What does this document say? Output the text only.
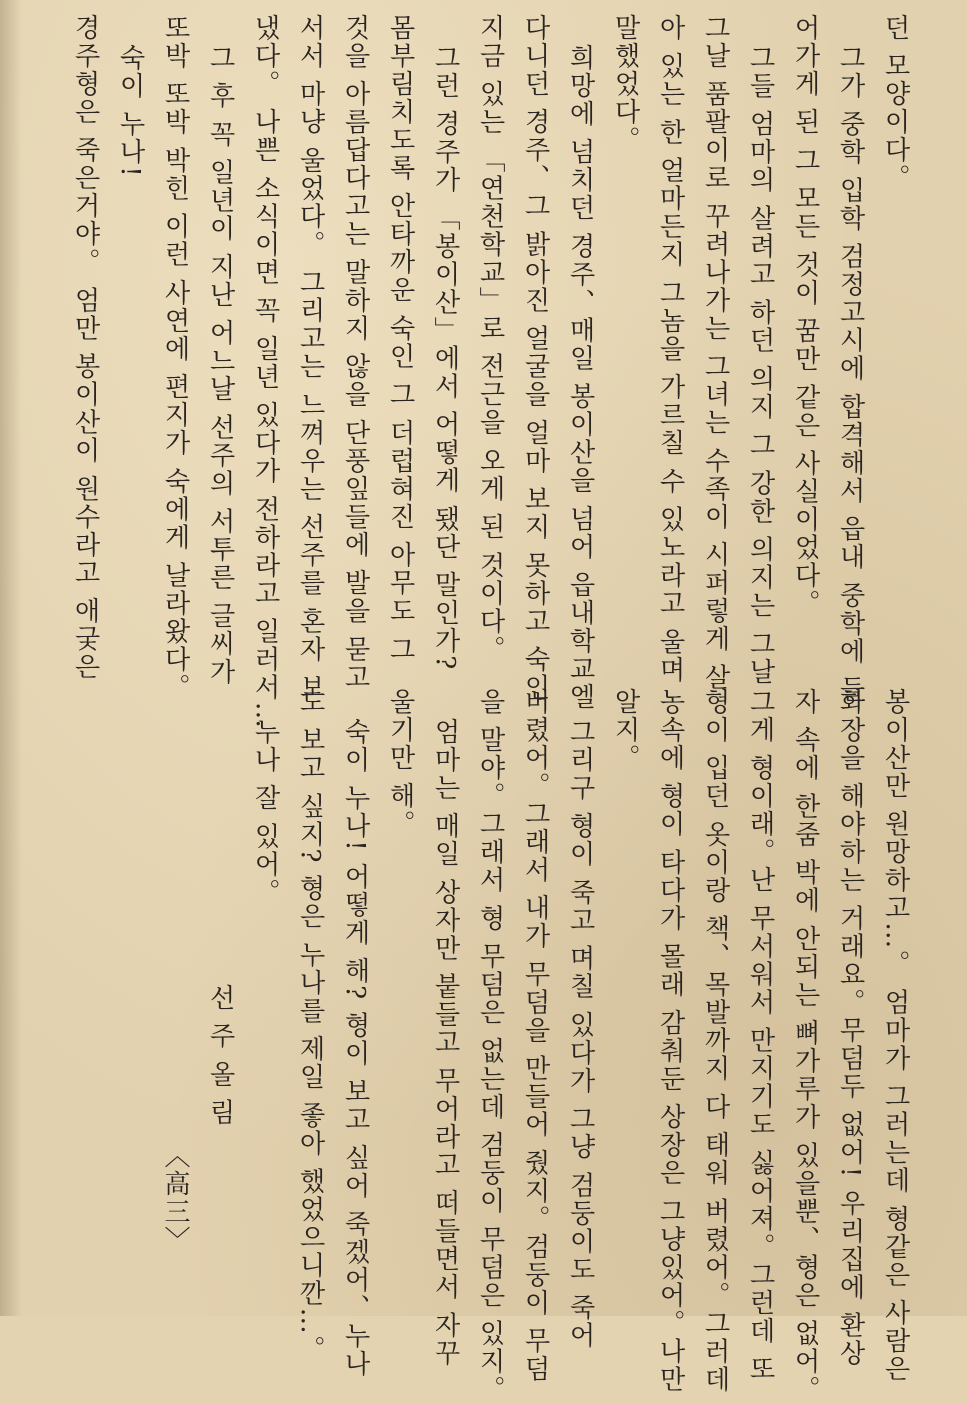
던 모양이다。
그가 중학 입학 검정고시에 합격해서 읍내 중학에 들
어가게 된 그 모든 것이 꿈만 같은 사실이었다。
그들 엄마의 살려고 하던 의지 그 강한 의지는 그날
그날 품팔이로 꾸려나가는 그녀는 수족이 시퍼렇게 살
아 있는 한 얼마든지 그놈을 가르칠 수 있노라고 울며
말했었다。
희망에 넘치던 경주、매일 봉이산을 넘어 읍내학교엘
다니던 경주、그 밝아진 얼굴을 얼마 보지 못하고 숙인
지금 있는 「연천학교」로 전근을 오게 된 것이다。
그런 경주가 「봉이산」에서 어떻게 됐단 말인가?
몸부림치도록 안타까운 숙인 그 더럽혀진 아무도 그
것을 아름답다고는 말하지 않을 단풍잎들에 발을 묻고
서서 마냥 울었다。 그리고는 느껴우는 선주를 혼자 보
냈다。 나쁜 소식이면 꼭 일년 있다가 전하라고 일러서…
그 후 꼭 일년이 지난 어느날 선주의 서투른 글씨가
또박 또박 박힌 이런 사연에 편지가 숙에게 날라왔다。
숙이 누나!
경주형은 죽은거야。 엄만 봉이산이 원수라고 애궂은
봉이산만 원망하고…。 엄마가 그러는데 형같은 사람은
화장을 해야하는 거래요。무덤두 없어! 우리집에 환상
자 속에 한줌 박에 안되는 뼈가루가 있을뿐、형은 없어。
그게 형이래。난 무서워서 만지기도 싫어져。그런데 또
형이 입던 옷이랑 책、목발까지 다 태워 버렸어。그러데
농속에 형이 타다가 몰래 감춰둔 상장은 그냥있어。나만
알지。
그리구 형이 죽고 며칠 있다가 그냥 검둥이도 죽어
버렸어。그래서 내가 무덤을 만들어 줬지。검둥이 무덤
을 말야。그래서 형 무덤은 없는데 검둥이 무덤은 있지。
엄마는 매일 상자만 붙들고 무어라고 떠들면서 자꾸
울기만 해。
숙이 누나! 어떻게 해? 형이 보고 싶어 죽겠어、누나
도 보고 싶지? 형은 누나를 제일 좋아 했었으니깐…。
누나 잘 있어。
선 주 올 림
〈高三〉
